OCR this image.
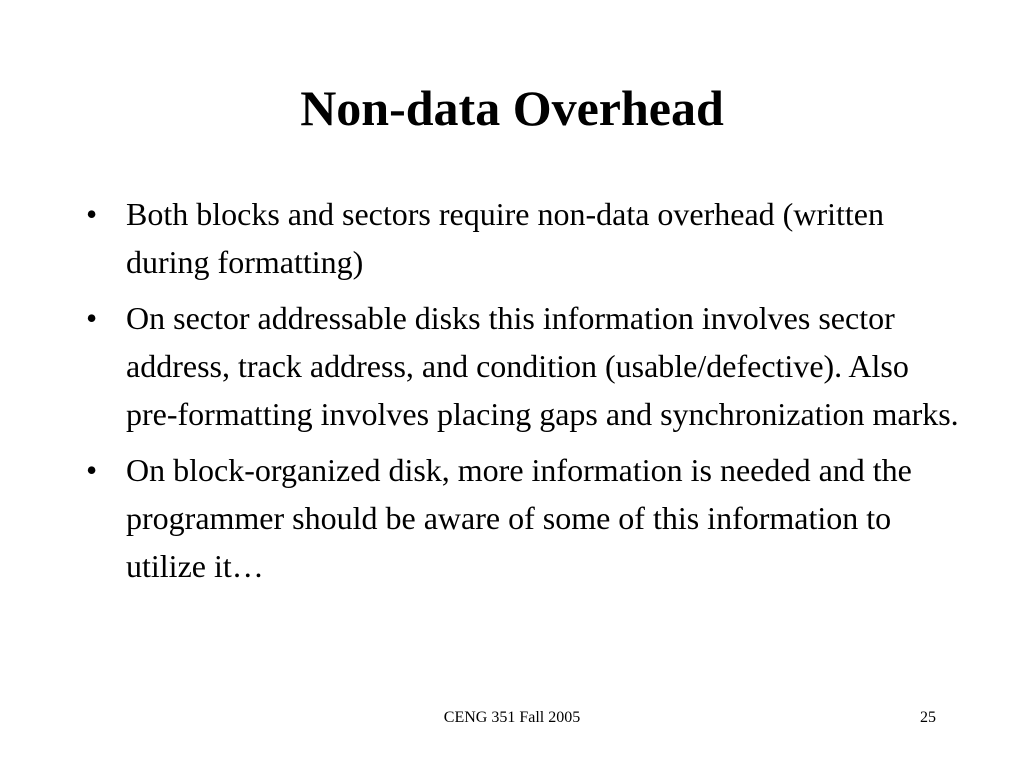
Non-data Overhead
• Both blocks and sectors require non-data overhead (written during formatting)
• On sector addressable disks this information involves sector address, track address, and condition (usable/defective). Also pre-formatting involves placing gaps and synchronization marks.
• On block-organized disk, more information is needed and the programmer should be aware of some of this information to utilize it…
CENG 351 Fall 2005	25
